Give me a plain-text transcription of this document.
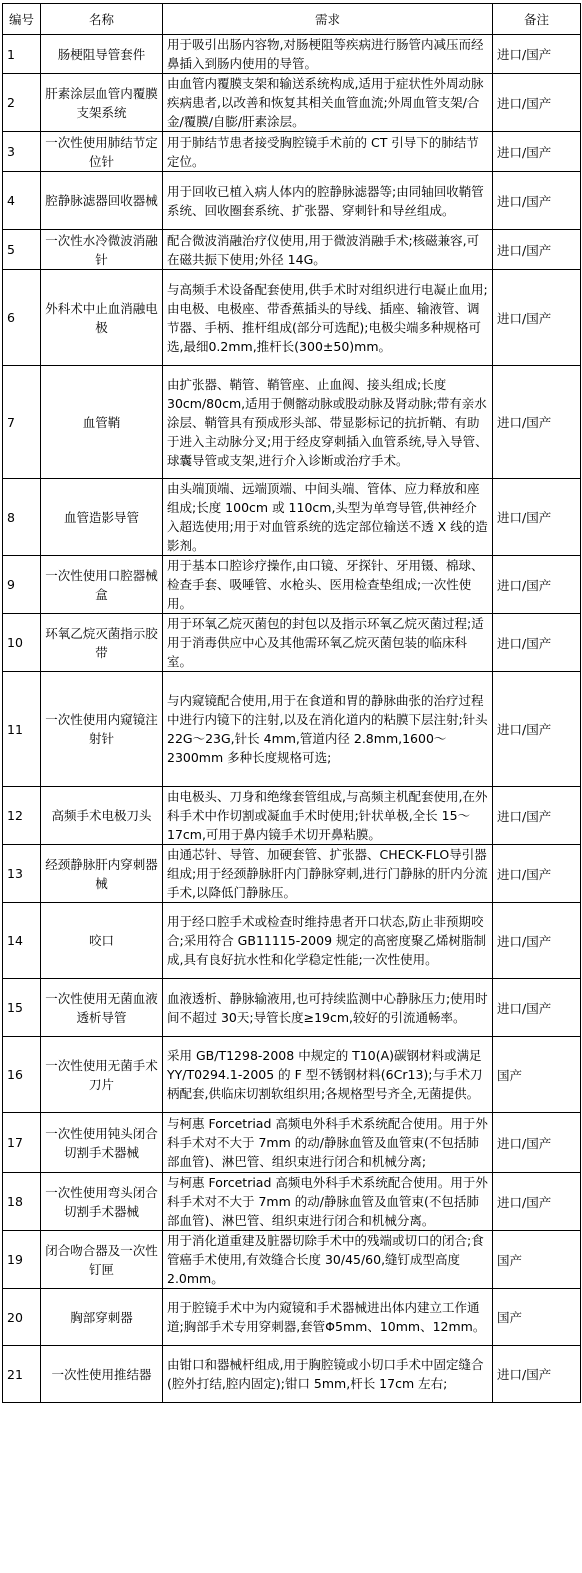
编号	名称	需求	备注
1	肠梗阻导管套件	用于吸引出肠内容物,对肠梗阻等疾病进行肠管内减压而经鼻插入到肠内使用的导管。	进口/国产
2	肝素涂层血管内覆膜支架系统	由血管内覆膜支架和输送系统构成,适用于症状性外周动脉疾病患者,以改善和恢复其相关血管血流;外周血管支架/合金/覆膜/自膨/肝素涂层。	进口/国产
3	一次性使用肺结节定位针	用于肺结节患者接受胸腔镜手术前的 CT 引导下的肺结节定位。	进口/国产
4	腔静脉滤器回收器械	用于回收已植入病人体内的腔静脉滤器等;由同轴回收鞘管系统、回收圈套系统、扩张器、穿刺针和导丝组成。	进口/国产
5	一次性水冷微波消融针	配合微波消融治疗仪使用,用于微波消融手术;核磁兼容,可在磁共振下使用;外径 14G。	进口/国产
6	外科术中止血消融电极	与高频手术设备配套使用,供手术时对组织进行电凝止血用;由电极、电极座、带香蕉插头的导线、插座、输液管、调节器、手柄、推杆组成(部分可选配);电极尖端多种规格可选,最细0.2mm,推杆长(300±50)mm。	进口/国产
7	血管鞘	由扩张器、鞘管、鞘管座、止血阀、接头组成;长度 30cm/80cm,适用于侧髂动脉或股动脉及肾动脉;带有亲水涂层、鞘管具有预成形头部、带显影标记的抗折鞘、有助于进入主动脉分叉;用于经皮穿刺插入血管系统,导入导管、球囊导管或支架,进行介入诊断或治疗手术。	进口/国产
8	血管造影导管	由头端顶端、远端顶端、中间头端、管体、应力释放和座组成;长度 100cm 或 110cm,头型为单弯导管,供神经介入超选使用;用于对血管系统的选定部位输送不透 X 线的造影剂。	进口/国产
9	一次性使用口腔器械盒	用于基本口腔诊疗操作,由口镜、牙探针、牙用镊、棉球、检查手套、吸唾管、水枪头、医用检查垫组成;一次性使用。	进口/国产
10	环氧乙烷灭菌指示胶带	用于环氧乙烷灭菌包的封包以及指示环氧乙烷灭菌过程;适用于消毒供应中心及其他需环氧乙烷灭菌包装的临床科室。	进口/国产
11	一次性使用内窥镜注射针	与内窥镜配合使用,用于在食道和胃的静脉曲张的治疗过程中进行内镜下的注射,以及在消化道内的粘膜下层注射;针头 22G～23G,针长 4mm,管道内径 2.8mm,1600～2300mm 多种长度规格可选;	进口/国产
12	高频手术电极刀头	由电极头、刀身和绝缘套管组成,与高频主机配套使用,在外科手术中作切割或凝血手术时使用;针状单极,全长 15～17cm,可用于鼻内镜手术切开鼻粘膜。	进口/国产
13	经颈静脉肝内穿刺器械	由通芯针、导管、加硬套管、扩张器、CHECK-FLO导引器组成;用于经颈静脉肝内门静脉穿刺,进行门静脉的肝内分流手术,以降低门静脉压。	进口/国产
14	咬口	用于经口腔手术或检查时维持患者开口状态,防止非预期咬合;采用符合 GB11115-2009 规定的高密度聚乙烯树脂制成,具有良好抗水性和化学稳定性能;一次性使用。	进口/国产
15	一次性使用无菌血液透析导管	血液透析、静脉输液用,也可持续监测中心静脉压力;使用时间不超过 30天;导管长度≥19cm,较好的引流通畅率。	进口/国产
16	一次性使用无菌手术刀片	采用 GB/T1298-2008 中规定的 T10(A)碳钢材料或满足 YY/T0294.1-2005 的 F 型不锈钢材料(6Cr13);与手术刀柄配套,供临床切割软组织用;各规格型号齐全,无菌提供。	国产
17	一次性使用钝头闭合切割手术器械	与柯惠 Forcetriad 高频电外科手术系统配合使用。用于外科手术对不大于 7mm 的动/静脉血管及血管束(不包括肺部血管)、淋巴管、组织束进行闭合和机械分离;	进口/国产
18	一次性使用弯头闭合切割手术器械	与柯惠 Forcetriad 高频电外科手术系统配合使用。用于外科手术对不大于 7mm 的动/静脉血管及血管束(不包括肺部血管)、淋巴管、组织束进行闭合和机械分离。	进口/国产
19	闭合吻合器及一次性钉匣	用于消化道重建及脏器切除手术中的残端或切口的闭合;食管癌手术使用,有效缝合长度 30/45/60,缝钉成型高度 2.0mm。	国产
20	胸部穿刺器	用于腔镜手术中为内窥镜和手术器械进出体内建立工作通道;胸部手术专用穿刺器,套管Φ5mm、10mm、12mm。	国产
21	一次性使用推结器	由钳口和器械杆组成,用于胸腔镜或小切口手术中固定缝合(腔外打结,腔内固定);钳口 5mm,杆长 17cm 左右;	进口/国产
